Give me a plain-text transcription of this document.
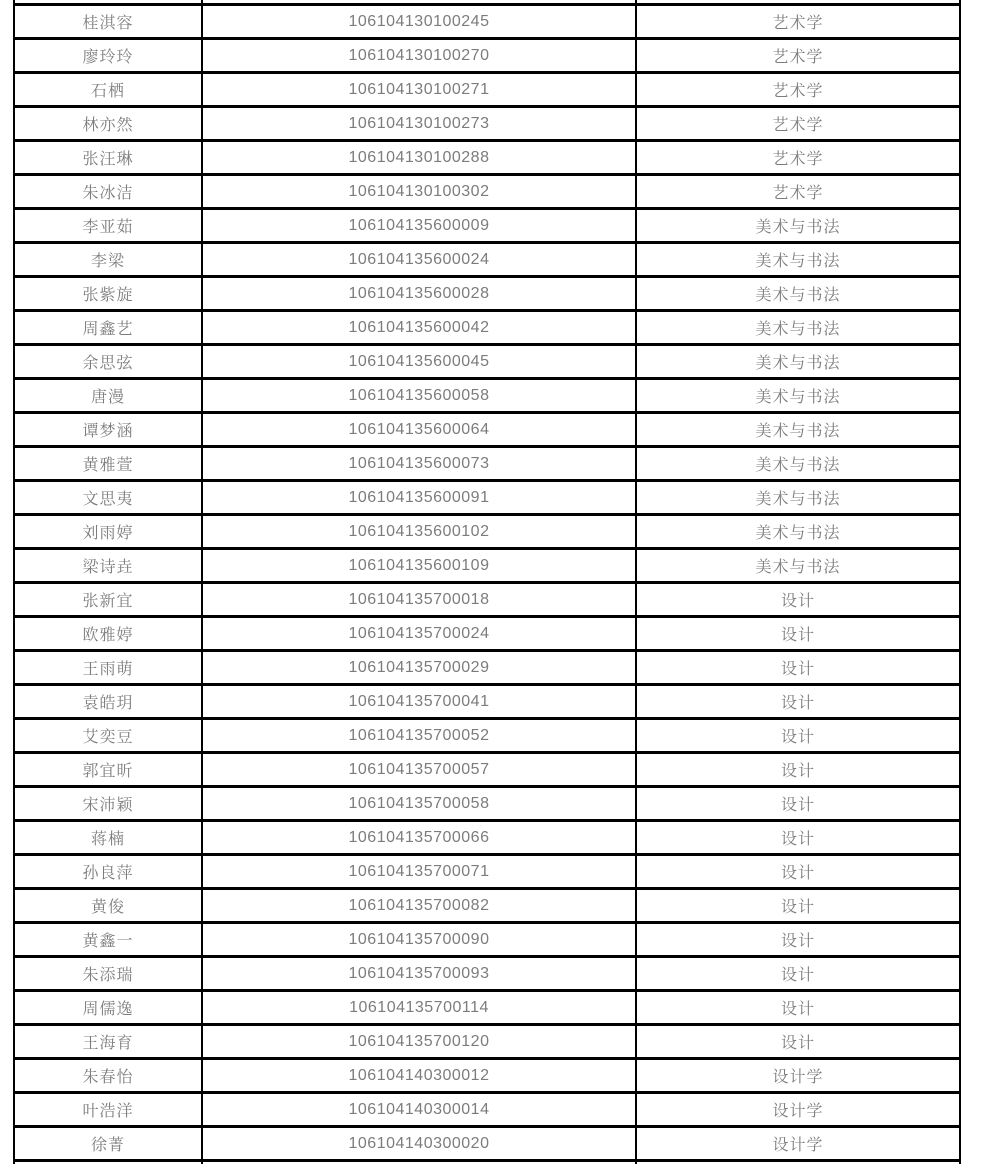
桂淇容	106104130100245	艺术学
廖玲玲	106104130100270	艺术学
石栖	106104130100271	艺术学
林亦然	106104130100273	艺术学
张汪琳	106104130100288	艺术学
朱冰洁	106104130100302	艺术学
李亚茹	106104135600009	美术与书法
李梁	106104135600024	美术与书法
张紫旋	106104135600028	美术与书法
周鑫艺	106104135600042	美术与书法
余思弦	106104135600045	美术与书法
唐漫	106104135600058	美术与书法
谭梦涵	106104135600064	美术与书法
黄雅萱	106104135600073	美术与书法
文思夷	106104135600091	美术与书法
刘雨婷	106104135600102	美术与书法
梁诗垚	106104135600109	美术与书法
张新宜	106104135700018	设计
欧雅婷	106104135700024	设计
王雨萌	106104135700029	设计
袁皓玥	106104135700041	设计
艾奕豆	106104135700052	设计
郭宜昕	106104135700057	设计
宋沛颖	106104135700058	设计
蒋楠	106104135700066	设计
孙良萍	106104135700071	设计
黄俊	106104135700082	设计
黄鑫一	106104135700090	设计
朱添瑞	106104135700093	设计
周儒逸	106104135700114	设计
王海育	106104135700120	设计
朱春怡	106104140300012	设计学
叶浩洋	106104140300014	设计学
徐菁	106104140300020	设计学
